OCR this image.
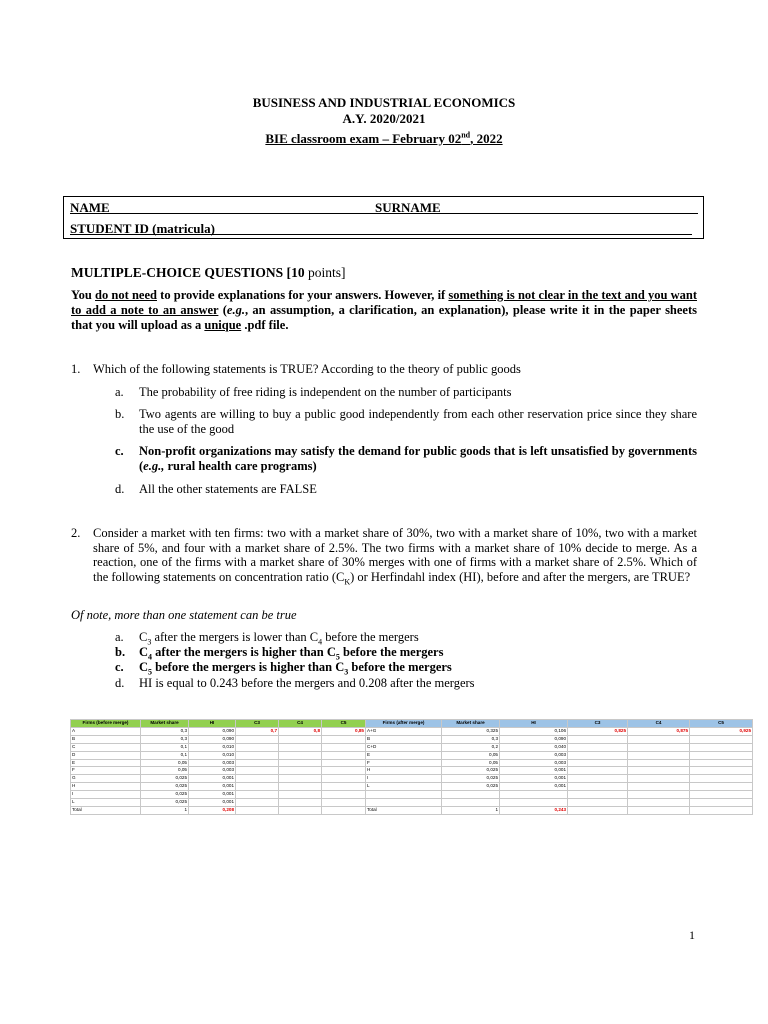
BUSINESS AND INDUSTRIAL ECONOMICS
A.Y. 2020/2021
BIE classroom exam – February 02nd, 2022
NAME	SURNAME
STUDENT ID (matricula)
MULTIPLE-CHOICE QUESTIONS [10 points]
You do not need to provide explanations for your answers. However, if something is not clear in the text and you want to add a note to an answer (e.g., an assumption, a clarification, an explanation), please write it in the paper sheets that you will upload as a unique .pdf file.
1. Which of the following statements is TRUE? According to the theory of public goods
a. The probability of free riding is independent on the number of participants
b. Two agents are willing to buy a public good independently from each other reservation price since they share the use of the good
c. Non-profit organizations may satisfy the demand for public goods that is left unsatisfied by governments (e.g., rural health care programs)
d. All the other statements are FALSE
2. Consider a market with ten firms: two with a market share of 30%, two with a market share of 10%, two with a market share of 5%, and four with a market share of 2.5%. The two firms with a market share of 10% decide to merge. As a reaction, one of the firms with a market share of 30% merges with one of firms with a market share of 2.5%. Which of the following statements on concentration ratio $(C_K)$ or Herfindahl index (HI), before and after the mergers, are TRUE?
Of note, more than one statement can be true
a. $C_3$ after the mergers is lower than $C_4$ before the mergers
b. $C_4$ after the mergers is higher than $C_5$ before the mergers
c. $C_5$ before the mergers is higher than $C_3$ before the mergers
d. HI is equal to 0.243 before the mergers and 0.208 after the mergers
Firms (before merge)	Market share	HI	C3	C4	C5
A	0,3	0,090	0,7	0,8	0,85
B	0,3	0,090			
C	0,1	0,010			
D	0,1	0,010			
E	0,05	0,003			
F	0,05	0,003			
G	0,025	0,001			
H	0,025	0,001			
I	0,025	0,001			
L	0,025	0,001			
Total	1	0,208			
Firms (after merge)	Market share	HI	C3	C4	C5
A+G	0,325	0,106	0,825	0,875	0,925
B	0,3	0,090			
C+D	0,2	0,040			
E	0,05	0,003			
F	0,05	0,003			
H	0,025	0,001			
I	0,025	0,001			
L	0,025	0,001			

Total	1	0,243			
1
